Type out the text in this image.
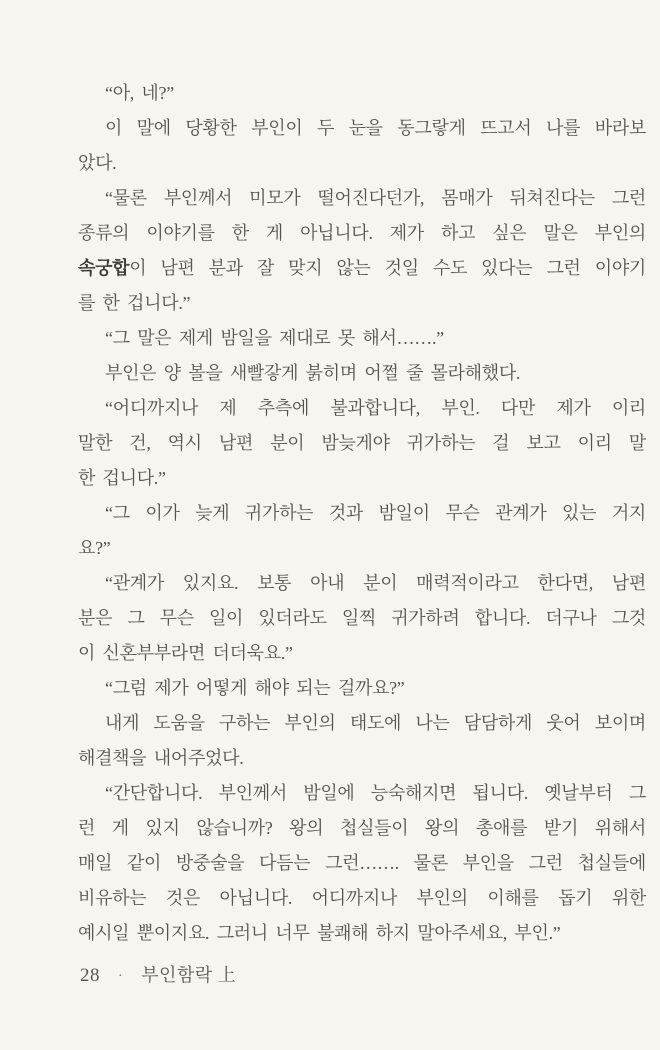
“아, 네?”
이 말에 당황한 부인이 두 눈을 동그랗게 뜨고서 나를 바라보
았다.
“물론 부인께서 미모가 떨어진다던가, 몸매가 뒤쳐진다는 그런
종류의 이야기를 한 게 아닙니다. 제가 하고 싶은 말은 부인의
속궁합이 남편 분과 잘 맞지 않는 것일 수도 있다는 그런 이야기
를 한 겁니다.”
“그 말은 제게 밤일을 제대로 못 해서…….”
부인은 양 볼을 새빨갛게 붉히며 어쩔 줄 몰라해했다.
“어디까지나 제 추측에 불과합니다, 부인. 다만 제가 이리
말한 건, 역시 남편 분이 밤늦게야 귀가하는 걸 보고 이리 말
한 겁니다.”
“그 이가 늦게 귀가하는 것과 밤일이 무슨 관계가 있는 거지
요?”
“관계가 있지요. 보통 아내 분이 매력적이라고 한다면, 남편
분은 그 무슨 일이 있더라도 일찍 귀가하려 합니다. 더구나 그것
이 신혼부부라면 더더욱요.”
“그럼 제가 어떻게 해야 되는 걸까요?”
내게 도움을 구하는 부인의 태도에 나는 담담하게 웃어 보이며
해결책을 내어주었다.
“간단합니다. 부인께서 밤일에 능숙해지면 됩니다. 옛날부터 그
런 게 있지 않습니까? 왕의 첩실들이 왕의 총애를 받기 위해서
매일 같이 방중술을 다듬는 그런……. 물론 부인을 그런 첩실들에
비유하는 것은 아닙니다. 어디까지나 부인의 이해를 돕기 위한
예시일 뿐이지요. 그러니 너무 불쾌해 하지 말아주세요, 부인.”
28 · 부인함락 上
